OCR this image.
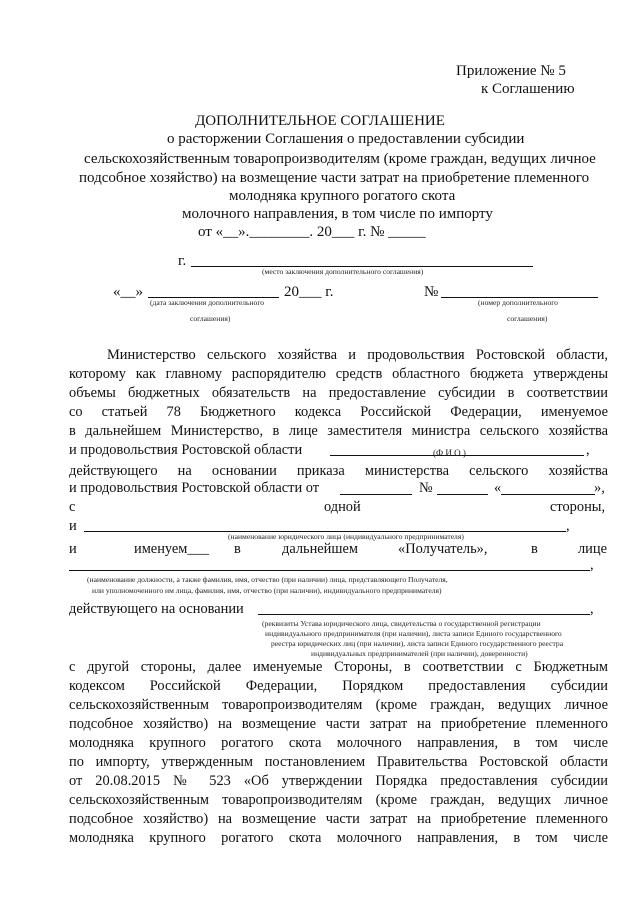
Приложение № 5
к Соглашению
ДОПОЛНИТЕЛЬНОЕ СОГЛАШЕНИЕ
о расторжении Соглашения о предоставлении субсидии
сельскохозяйственным товаропроизводителям (кроме граждан, ведущих личное
подсобное хозяйство) на возмещение части затрат на приобретение племенного
молодняка крупного рогатого скота
молочного направления, в том числе по импорту
от «__».________. 20___ г. № _____
г.
(место заключения дополнительного соглашения)
«__»	20___ г.
(дата заключения дополнительного
соглашения)
№
(номер дополнительного
соглашения)
Министерство сельского хозяйства и продовольствия Ростовской области,
которому как главному распорядителю средств областного бюджета утверждены
объемы бюджетных обязательств на предоставление субсидии в соответствии
со статьей 78 Бюджетного кодекса Российской Федерации, именуемое
в дальнейшем Министерство, в лице заместителя министра сельского хозяйства
и продовольствия Ростовской области	,
(Ф.И.О.)
действующего на основании приказа министерства сельского хозяйства
и продовольствия Ростовской области от	№	«	»,
с	одной	стороны,
и	,
(наименование юридического лица (индивидуального предпринимателя)
и	именуем___ в	дальнейшем	«Получатель»,	в	лице
,
(наименование должности, а также фамилия, имя, отчество (при наличии) лица, представляющего Получателя,
или уполномоченного им лица, фамилия, имя, отчество (при наличии), индивидуального предпринимателя)
действующего на основании	,
(реквизиты Устава юридического лица, свидетельства о государственной регистрации
индивидуального предпринимателя (при наличии), листа записи Единого государственного
реестра юридических лиц (при наличии), листа записи Единого государственного реестра
индивидуальных предпринимателей (при наличии), доверенности)
с другой стороны, далее именуемые Стороны, в соответствии с Бюджетным
кодексом Российской Федерации, Порядком предоставления субсидии
сельскохозяйственным товаропроизводителям (кроме граждан, ведущих личное
подсобное хозяйство) на возмещение части затрат на приобретение племенного
молодняка крупного рогатого скота молочного направления, в том числе
по импорту, утвержденным постановлением Правительства Ростовской области
от 20.08.2015 № 523 «Об утверждении Порядка предоставления субсидии
сельскохозяйственным товаропроизводителям (кроме граждан, ведущих личное
подсобное хозяйство) на возмещение части затрат на приобретение племенного
молодняка крупного рогатого скота молочного направления, в том числе
